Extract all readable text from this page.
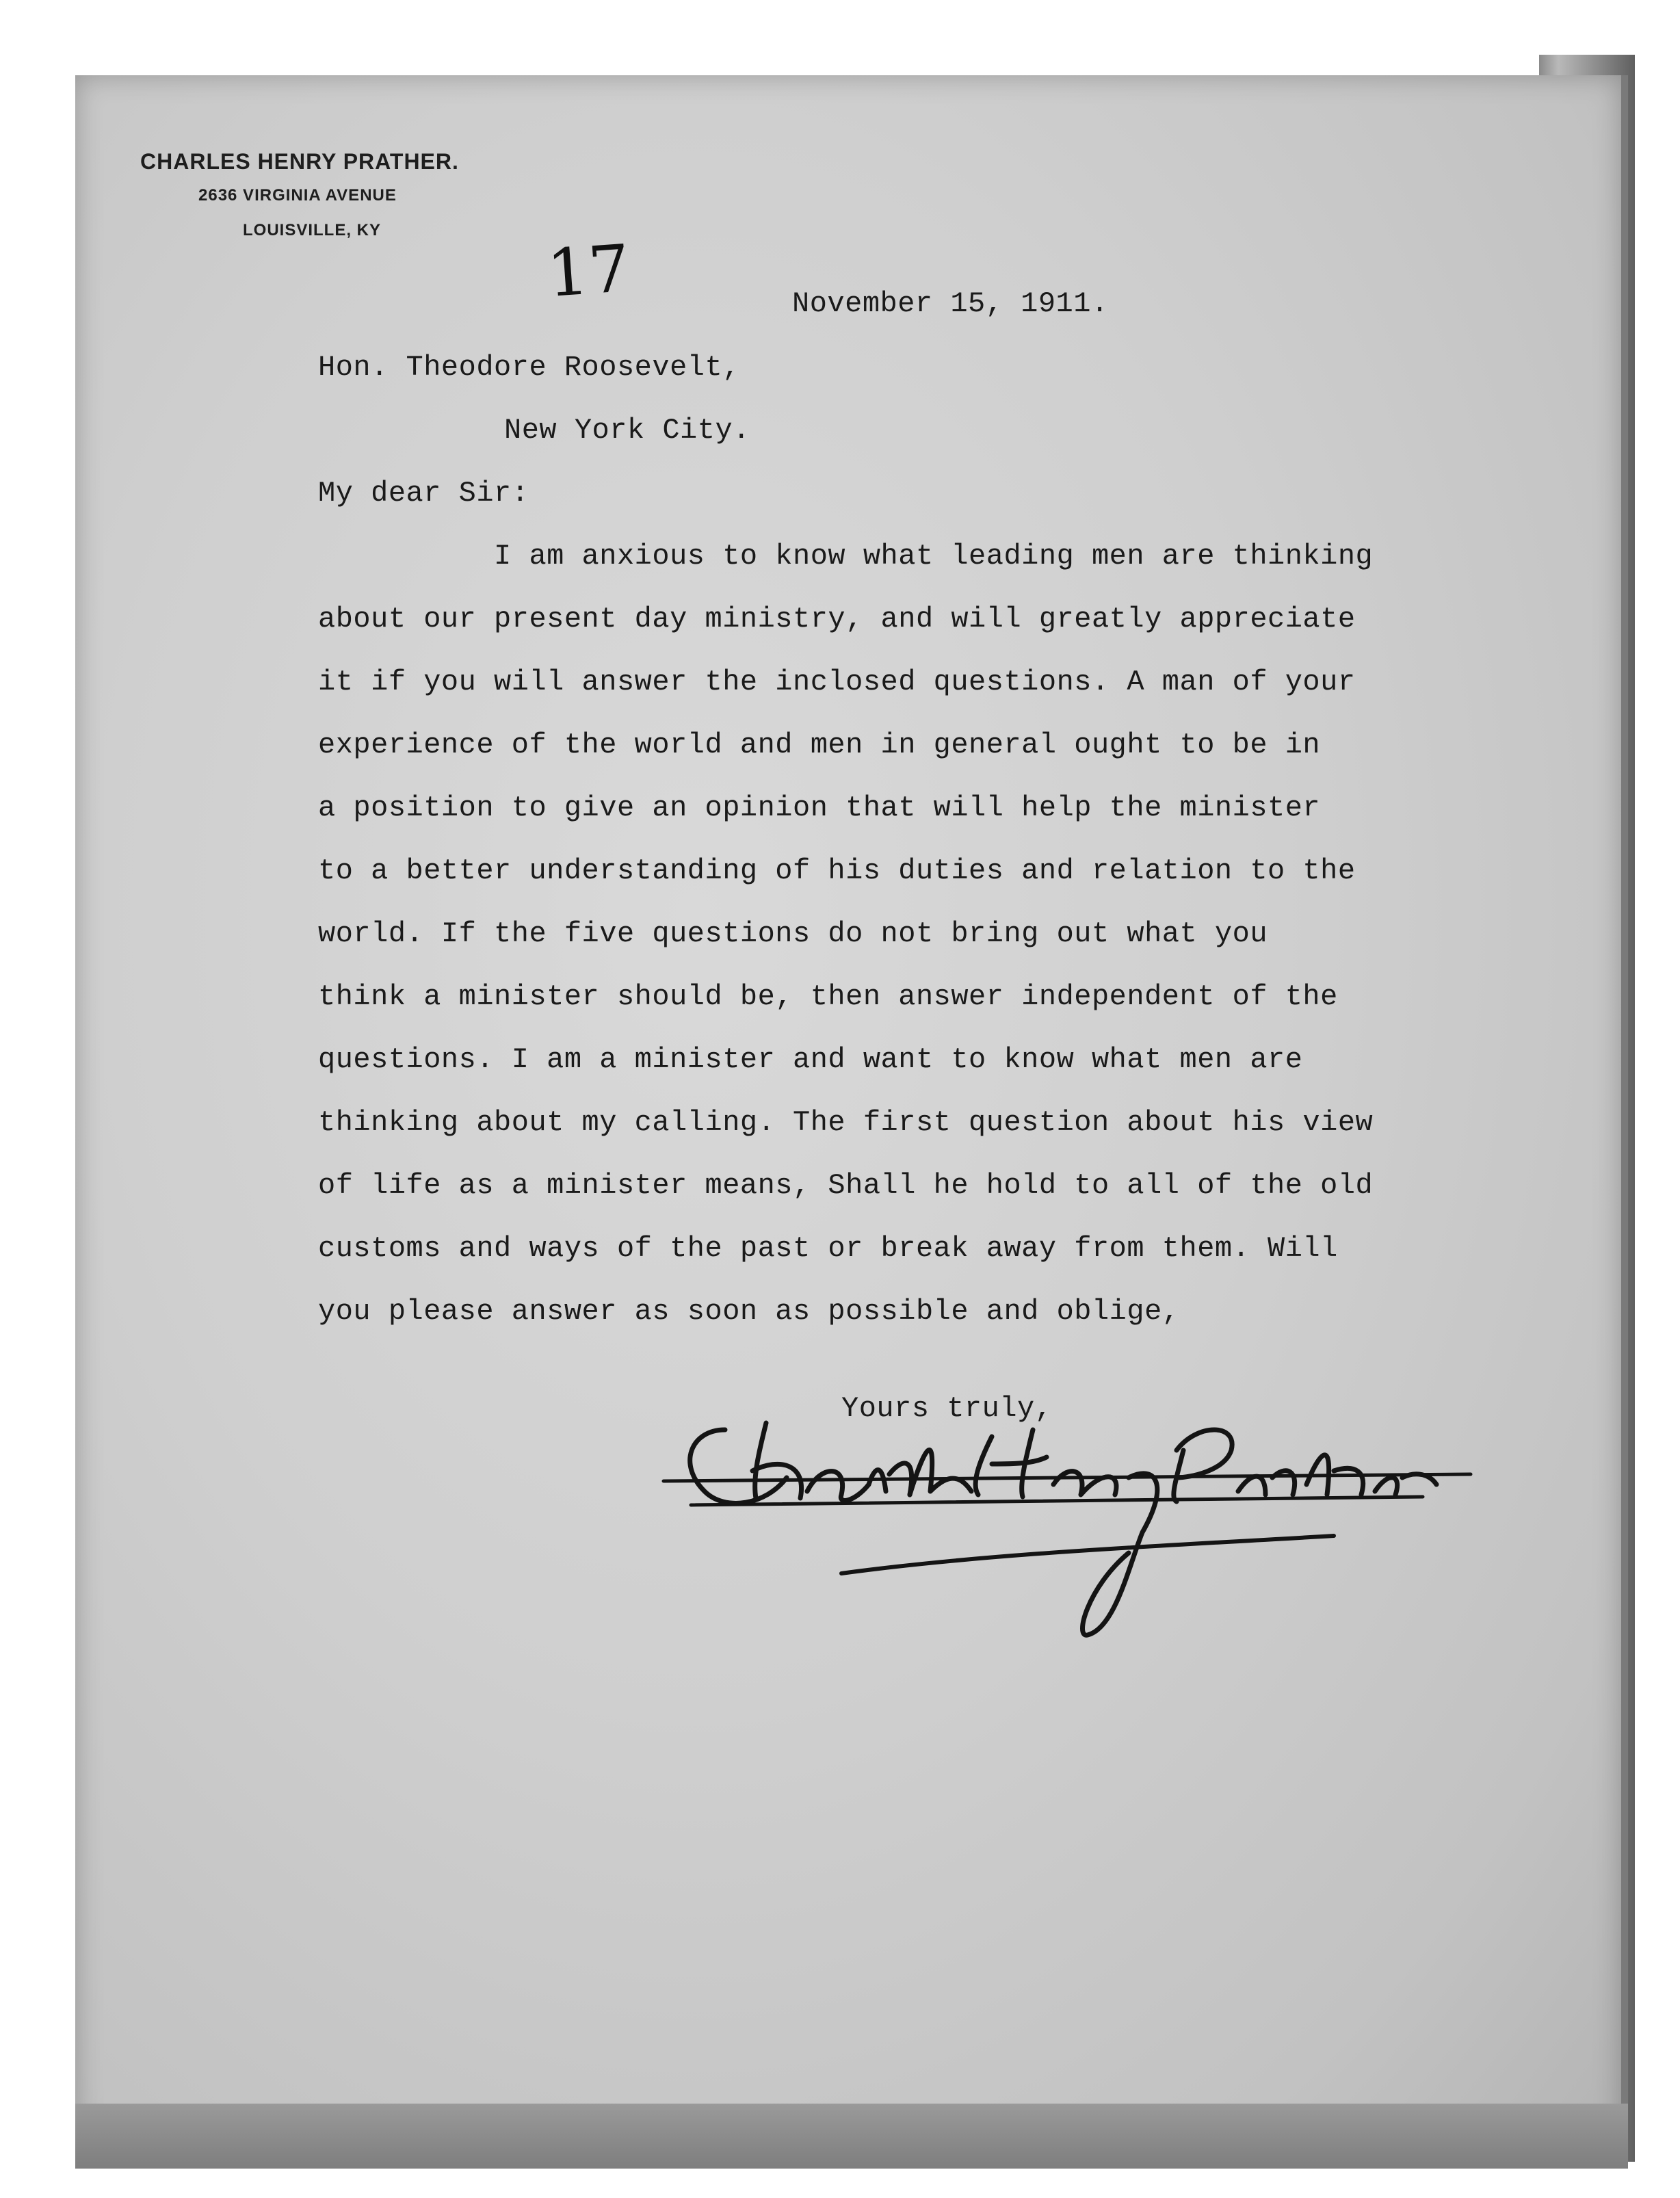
CHARLES HENRY PRATHER.
2636 VIRGINIA AVENUE
LOUISVILLE, KY
17	November 15, 1911.
Hon. Theodore Roosevelt,
New York City.
My dear Sir:
I am anxious to know what leading men are thinking
about our present day ministry, and will greatly appreciate
it if you will answer the inclosed questions. A man of your
experience of the world and men in general ought to be in
a position to give an opinion that will help the minister
to a better understanding of his duties and relation to the
world. If the five questions do not bring out what you
think a minister should be, then answer independent of the
questions. I am a minister and want to know what men are
thinking about my calling. The first question about his view
of life as a minister means, Shall he hold to all of the old
customs and ways of the past or break away from them. Will
you please answer as soon as possible and oblige,
Yours truly,
